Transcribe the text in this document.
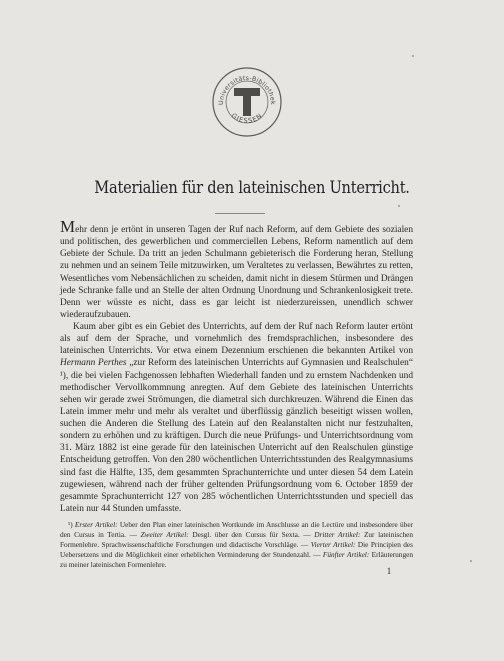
Universitäts-Bibliothek
GIESSEN
Materialien für den lateinischen Unterricht.

Mehr denn je ertönt in unseren Tagen der Ruf nach Reform, auf dem Gebiete des sozialen und politischen, des gewerblichen und commerciellen Lebens, Reform namentlich auf dem Gebiete der Schule. Da tritt an jeden Schulmann gebieterisch die Forderung heran, Stellung zu nehmen und an seinem Teile mitzuwirken, um Veraltetes zu verlassen, Bewährtes zu retten, Wesentliches vom Nebensächlichen zu scheiden, damit nicht in diesem Stürmen und Drängen jede Schranke falle und an Stelle der alten Ordnung Unordnung und Schrankenlosigkeit trete. Denn wer wüsste es nicht, dass es gar leicht ist niederzureissen, unendlich schwer wiederaufzubauen.

Kaum aber gibt es ein Gebiet des Unterrichts, auf dem der Ruf nach Reform lauter ertönt als auf dem der Sprache, und vornehmlich des fremdsprachlichen, insbesondere des lateinischen Unterrichts. Vor etwa einem Dezennium erschienen die bekannten Artikel von Hermann Perthes „zur Reform des lateinischen Unterrichts auf Gymnasien und Realschulen“ ¹), die bei vielen Fachgenossen lebhaften Wiederhall fanden und zu ernstem Nachdenken und methodischer Vervollkommnung anregten. Auf dem Gebiete des lateinischen Unterrichts sehen wir gerade zwei Strömungen, die diametral sich durchkreuzen. Während die Einen das Latein immer mehr und mehr als veraltet und überflüssig gänzlich beseitigt wissen wollen, suchen die Anderen die Stellung des Latein auf den Realanstalten nicht nur festzuhalten, sondern zu erhöhen und zu kräftigen. Durch die neue Prüfungs- und Unterrichtsordnung vom 31. März 1882 ist eine gerade für den lateinischen Unterricht auf den Realschulen günstige Entscheidung getroffen. Von den 280 wöchentlichen Unterrichtsstunden des Realgymnasiums sind fast die Hälfte, 135, dem gesammten Sprachunterrichte und unter diesen 54 dem Latein zugewiesen, während nach der früher geltenden Prüfungsordnung vom 6. October 1859 der gesammte Sprachunterricht 127 von 285 wöchentlichen Unterrichtsstunden und speciell das Latein nur 44 Stunden umfasste.

¹) Erster Artikel: Ueber den Plan einer lateinischen Wortkunde im Anschlusse an die Lectüre und insbesondere über den Cursus in Tertia. — Zweiter Artikel: Desgl. über den Cursus für Sexta. — Dritter Artikel: Zur lateinischen Formenlehre. Sprachwissenschaftliche Forschungen und didactische Vorschläge. — Vierter Artikel: Die Principien des Uebersetzens und die Möglichkeit einer erheblichen Verminderung der Stundenzahl. — Fünfter Artikel: Erläuterungen zu meiner lateinischen Formenlehre.

1
